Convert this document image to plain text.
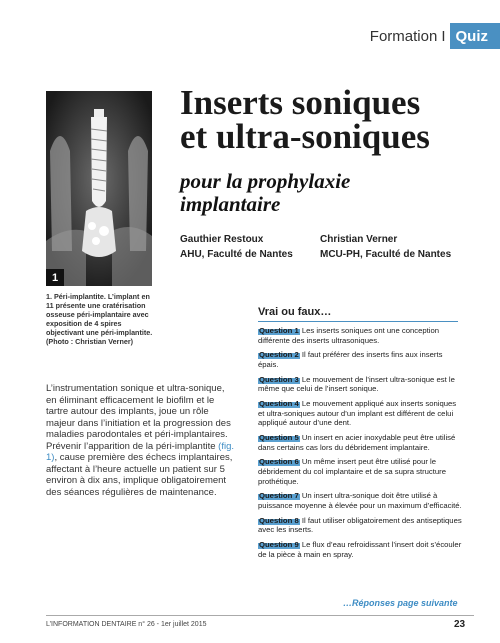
Formation I Quiz
1
1. Péri-implantite. L’implant en 11 présente une cratérisation osseuse péri-implantaire avec exposition de 4 spires objectivant une péri-implantite. (Photo : Christian Verner)
Inserts soniques
et ultra-soniques
pour la prophylaxie
implantaire
Gauthier Restoux
AHU, Faculté de Nantes
Christian Verner
MCU-PH, Faculté de Nantes

L’instrumentation sonique et ultra-sonique, en éliminant efficacement le biofilm et le tartre autour des implants, joue un rôle majeur dans l’initiation et la progression des maladies parodontales et péri-implantaires. Prévenir l’apparition de la péri-implantite (fig. 1), cause première des échecs implantaires, affectant à l’heure actuelle un patient sur 5 environ à dix ans, implique obligatoirement des séances régulières de maintenance.

Vrai ou faux…
Question 1 Les inserts soniques ont une conception différente des inserts ultrasoniques.
Question 2 Il faut préférer des inserts fins aux inserts épais.
Question 3 Le mouvement de l’insert ultra-sonique est le même que celui de l’insert sonique.
Question 4 Le mouvement appliqué aux inserts soniques et ultra-soniques autour d’un implant est différent de celui appliqué autour d’une dent.
Question 5 Un insert en acier inoxydable peut être utilisé dans certains cas lors du débridement implantaire.
Question 6 Un même insert peut être utilisé pour le débridement du col implantaire et de sa supra structure prothétique.
Question 7 Un insert ultra-sonique doit être utilisé à puissance moyenne à élevée pour un maximum d’efficacité.
Question 8 Il faut utiliser obligatoirement des antiseptiques avec les inserts.
Question 9 Le flux d’eau refroidissant l’insert doit s’écouler de la pièce à main en spray.
…Réponses page suivante
L’INFORMATION DENTAIRE n° 26 - 1er juillet 2015	23
